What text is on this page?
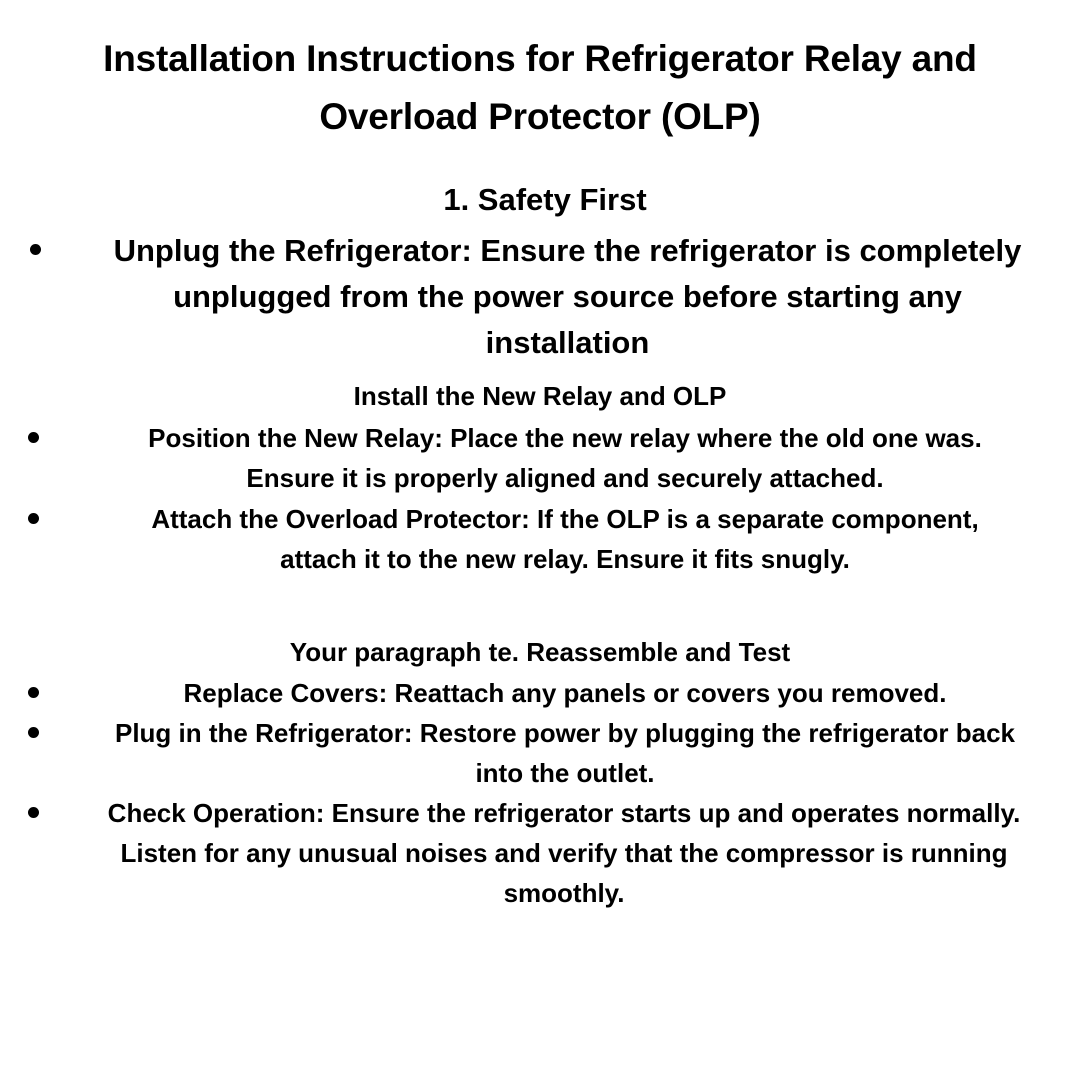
Installation Instructions for Refrigerator Relay and
Overload Protector (OLP)
1. Safety First
Unplug the Refrigerator: Ensure the refrigerator is completely
unplugged from the power source before starting any
installation
Install the New Relay and OLP
Position the New Relay: Place the new relay where the old one was.
Ensure it is properly aligned and securely attached.
Attach the Overload Protector: If the OLP is a separate component,
attach it to the new relay. Ensure it fits snugly.
Your paragraph te. Reassemble and Test
Replace Covers: Reattach any panels or covers you removed.
Plug in the Refrigerator: Restore power by plugging the refrigerator back
into the outlet.
Check Operation: Ensure the refrigerator starts up and operates normally.
Listen for any unusual noises and verify that the compressor is running
smoothly.
